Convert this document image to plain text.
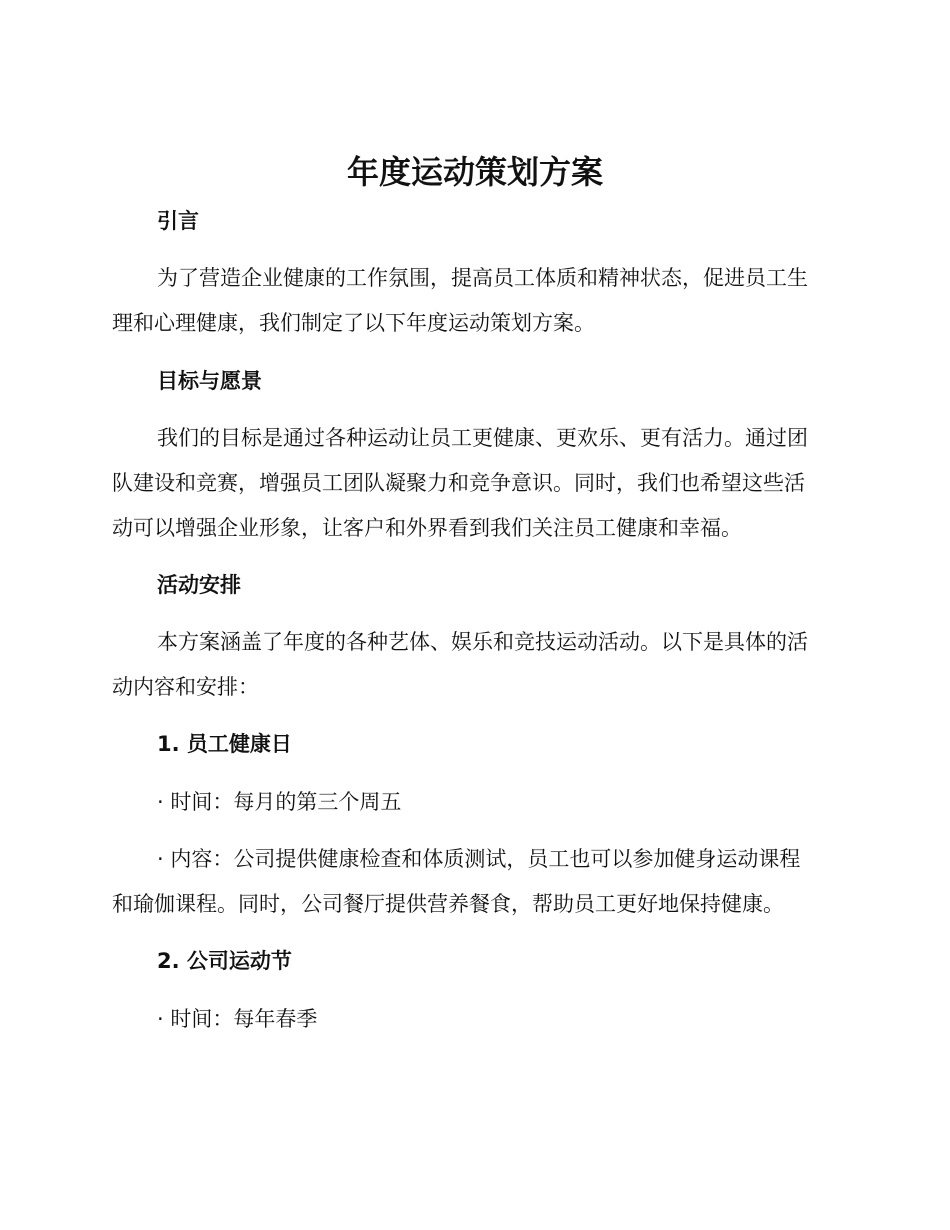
年度运动策划方案
引言
为了营造企业健康的工作氛围，提高员工体质和精神状态，促进员工生
理和心理健康，我们制定了以下年度运动策划方案。
目标与愿景
我们的目标是通过各种运动让员工更健康、更欢乐、更有活力。通过团
队建设和竞赛，增强员工团队凝聚力和竞争意识。同时，我们也希望这些活
动可以增强企业形象，让客户和外界看到我们关注员工健康和幸福。
活动安排
本方案涵盖了年度的各种艺体、娱乐和竞技运动活动。以下是具体的活
动内容和安排：
1. 员工健康日
· 时间：每月的第三个周五
· 内容：公司提供健康检查和体质测试，员工也可以参加健身运动课程
和瑜伽课程。同时，公司餐厅提供营养餐食，帮助员工更好地保持健康。
2. 公司运动节
· 时间：每年春季
